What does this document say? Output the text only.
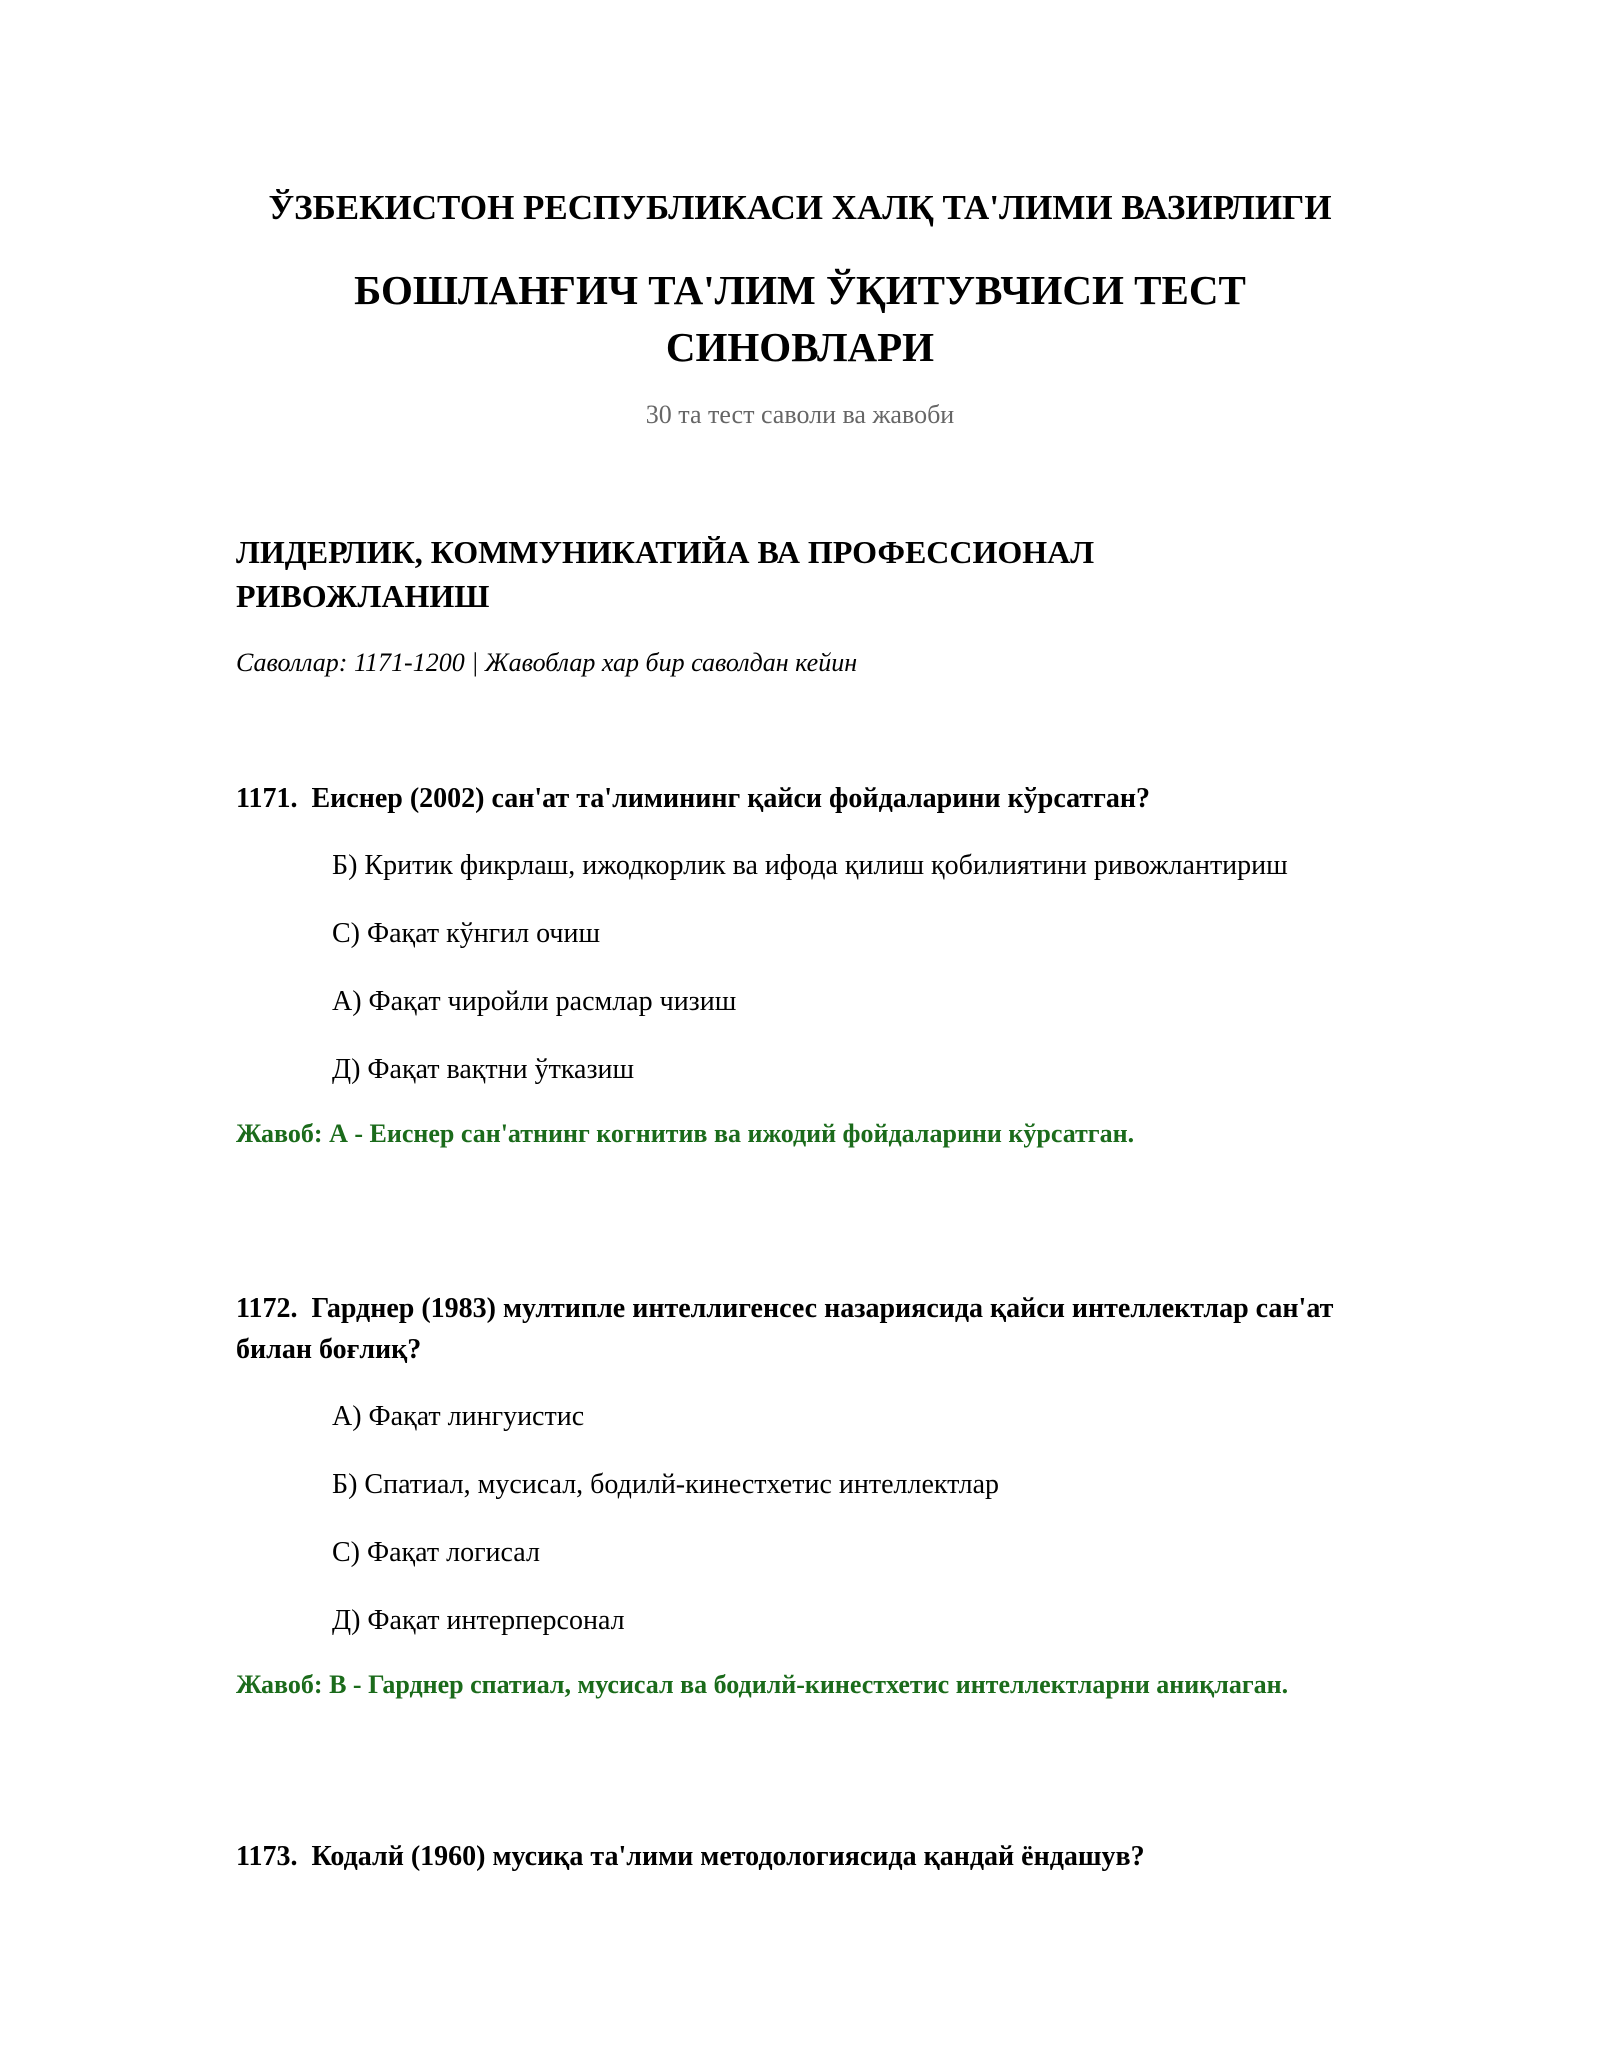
ЎЗБЕКИСТОН РЕСПУБЛИКАСИ ХАЛҚ ТА'ЛИМИ ВАЗИРЛИГИ
БОШЛАНҒИЧ ТА'ЛИМ ЎҚИТУВЧИСИ ТЕСТ СИНОВЛАРИ
30 та тест саволи ва жавоби
ЛИДЕРЛИК, КОММУНИКАТИЙА ВА ПРОФЕССИОНАЛ РИВОЖЛАНИШ
Саволлар: 1171-1200 | Жавоблар хар бир саволдан кейин

1171. Еиснер (2002) сан'ат та'лимининг қайси фойдаларини кўрсатган?

Б) Критик фикрлаш, ижодкорлик ва ифода қилиш қобилиятини ривожлантириш
С) Фақат кўнгил очиш
А) Фақат чиройли расмлар чизиш
Д) Фақат вақтни ўтказиш

Жавоб: А - Еиснер сан'атнинг когнитив ва ижодий фойдаларини кўрсатган.

1172. Гарднер (1983) мултипле интеллигенсес назариясида қайси интеллектлар сан'ат билан боғлиқ?

А) Фақат лингуистис
Б) Спатиал, мусисал, бодилй-кинестхетис интеллектлар
С) Фақат логисал
Д) Фақат интерперсонал

Жавоб: В - Гарднер спатиал, мусисал ва бодилй-кинестхетис интеллектларни аниқлаган.

1173. Кодалй (1960) мусиқа та'лими методологиясида қандай ёндашув?
